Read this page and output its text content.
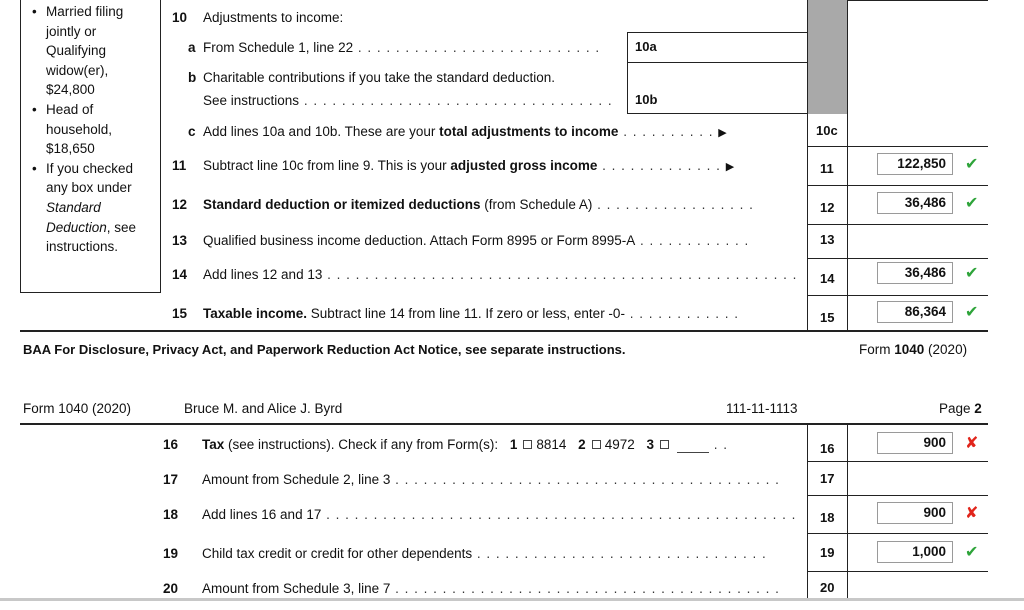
• Married filing
jointly or
Qualifying
widow(er),
$24,800
• Head of
household,
$18,650
• If you checked
any box under
Standard
Deduction, see
instructions.
10 Adjustments to income:
a From Schedule 1, line 22 . . . . . . . . . . . . . . . . . . . . . . . . . .	10a
b Charitable contributions if you take the standard deduction.
See instructions . . . . . . . . . . . . . . . . . . . . . . . . . . . . . . . . . 10b
c Add lines 10a and 10b. These are your total adjustments to income . . . . . . . . . . ▶	10c
11 Subtract line 10c from line 9. This is your adjusted gross income . . . . . . . . . . . . . ▶	11	122,850	✔
12 Standard deduction or itemized deductions (from Schedule A) . . . . . . . . . . . . . . . . .	12	36,486	✔
13 Qualified business income deduction. Attach Form 8995 or Form 8995-A . . . . . . . . . . . .	13
14 Add lines 12 and 13 . . . . . . . . . . . . . . . . . . . . . . . . . . . . . . . . . . . . . . . . . . . . . . . . . . 14	36,486	✔
15 Taxable income. Subtract line 14 from line 11. If zero or less, enter -0- . . . . . . . . . . . .	15	86,364	✔
BAA For Disclosure, Privacy Act, and Paperwork Reduction Act Notice, see separate instructions.	Form 1040 (2020)
Form 1040 (2020)	Bruce M. and Alice J. Byrd	111-11-1113	Page 2
16 Tax (see instructions). Check if any from Form(s): 1 8814 2 4972 3	. .	16	900	✘
17 Amount from Schedule 2, line 3 . . . . . . . . . . . . . . . . . . . . . . . . . . . . . . . . . . . . . . . . .	17
18 Add lines 16 and 17 . . . . . . . . . . . . . . . . . . . . . . . . . . . . . . . . . . . . . . . . . . . . . . . . . . 18	900	✘
19 Child tax credit or credit for other dependents . . . . . . . . . . . . . . . . . . . . . . . . . . . . . . .	19	1,000	✔
20 Amount from Schedule 3, line 7 . . . . . . . . . . . . . . . . . . . . . . . . . . . . . . . . . . . . . . . . .	20
